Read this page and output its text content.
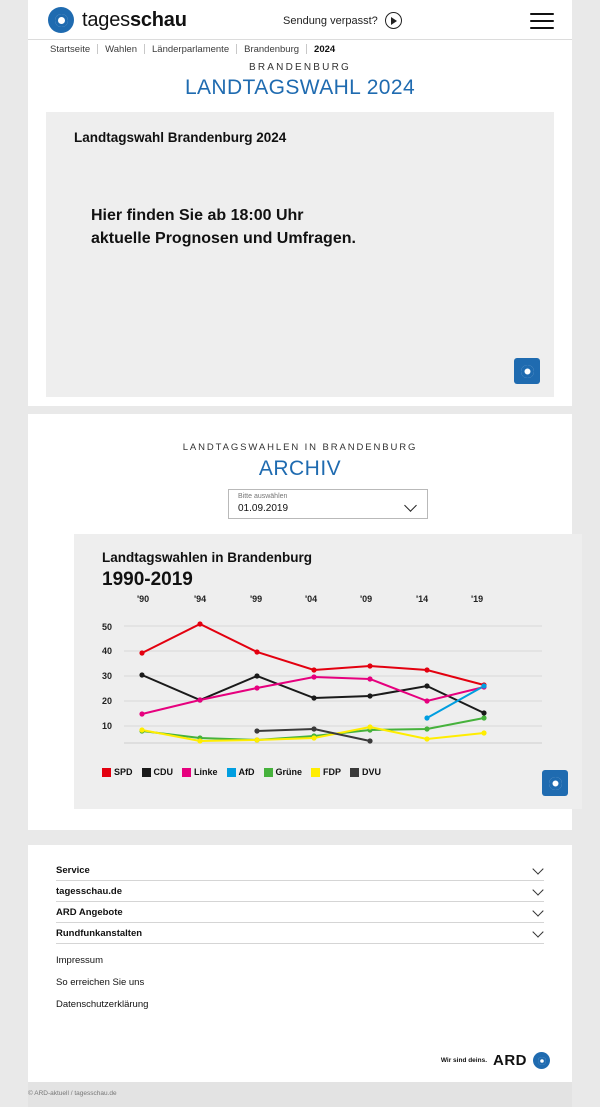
tagesschau	Sendung verpasst?
Startseite	Wahlen	Länderparlamente	Brandenburg	2024
BRANDENBURG
LANDTAGSWAHL 2024
Landtagswahl Brandenburg 2024
Hier finden Sie ab 18:00 Uhr
aktuelle Prognosen und Umfragen.
LANDTAGSWAHLEN IN BRANDENBURG
ARCHIV
Bitte auswählen
01.09.2019
Landtagswahlen in Brandenburg
1990-2019
'90	'94	'99	'04	'09	'14	'19
50
40
30
20
10
SPD CDU Linke AfD Grüne FDP DVU
Service
tagesschau.de
ARD Angebote
Rundfunkanstalten
Impressum
So erreichen Sie uns
Datenschutzerklärung
Wir sind deins. ARD
© ARD-aktuell / tagesschau.de
